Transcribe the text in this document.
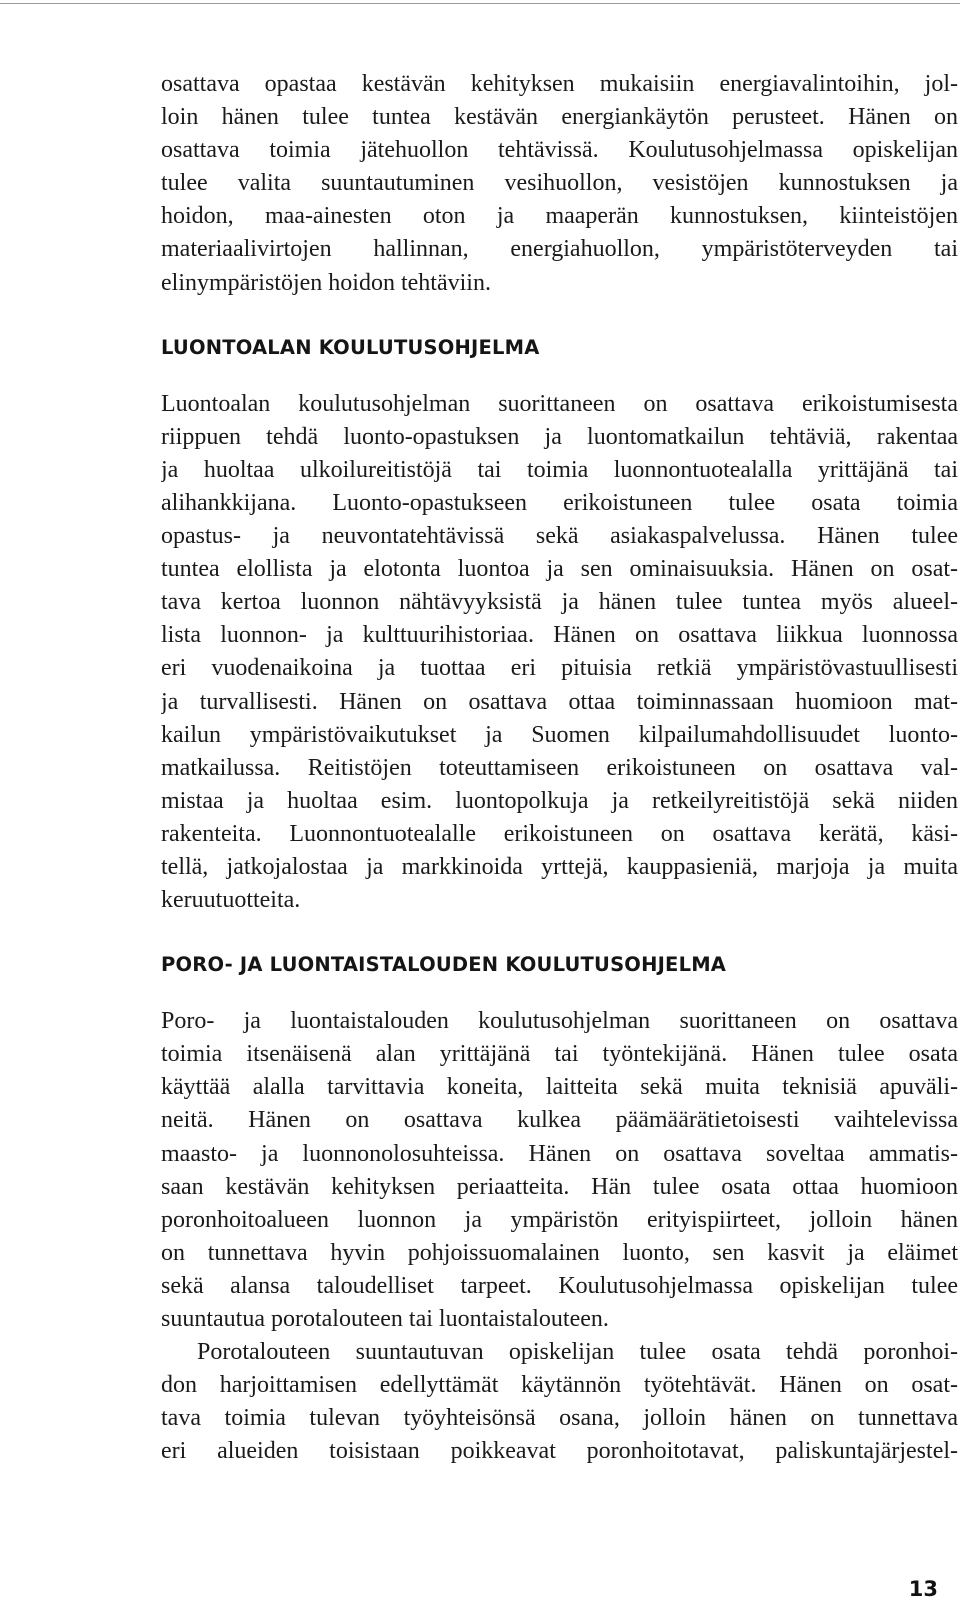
osattava opastaa kestävän kehityksen mukaisiin energiavalintoihin, jol-
loin hänen tulee tuntea kestävän energiankäytön perusteet. Hänen on
osattava toimia jätehuollon tehtävissä. Koulutusohjelmassa opiskelijan
tulee valita suuntautuminen vesihuollon, vesistöjen kunnostuksen ja
hoidon, maa-ainesten oton ja maaperän kunnostuksen, kiinteistöjen
materiaalivirtojen hallinnan, energiahuollon, ympäristöterveyden tai
elinympäristöjen hoidon tehtäviin.
LUONTOALAN KOULUTUSOHJELMA
Luontoalan koulutusohjelman suorittaneen on osattava erikoistumisesta
riippuen tehdä luonto-opastuksen ja luontomatkailun tehtäviä, rakentaa
ja huoltaa ulkoilureitistöjä tai toimia luonnontuotealalla yrittäjänä tai
alihankkijana. Luonto-opastukseen erikoistuneen tulee osata toimia
opastus- ja neuvontatehtävissä sekä asiakaspalvelussa. Hänen tulee
tuntea elollista ja elotonta luontoa ja sen ominaisuuksia. Hänen on osat-
tava kertoa luonnon nähtävyyksistä ja hänen tulee tuntea myös alueel-
lista luonnon- ja kulttuurihistoriaa. Hänen on osattava liikkua luonnossa
eri vuodenaikoina ja tuottaa eri pituisia retkiä ympäristövastuullisesti
ja turvallisesti. Hänen on osattava ottaa toiminnassaan huomioon mat-
kailun ympäristövaikutukset ja Suomen kilpailumahdollisuudet luonto-
matkailussa. Reitistöjen toteuttamiseen erikoistuneen on osattava val-
mistaa ja huoltaa esim. luontopolkuja ja retkeilyreitistöjä sekä niiden
rakenteita. Luonnontuotealalle erikoistuneen on osattava kerätä, käsi-
tellä, jatkojalostaa ja markkinoida yrttejä, kauppasieniä, marjoja ja muita
keruutuotteita.
PORO- JA LUONTAISTALOUDEN KOULUTUSOHJELMA
Poro- ja luontaistalouden koulutusohjelman suorittaneen on osattava
toimia itsenäisenä alan yrittäjänä tai työntekijänä. Hänen tulee osata
käyttää alalla tarvittavia koneita, laitteita sekä muita teknisiä apuväli-
neitä. Hänen on osattava kulkea päämäärätietoisesti vaihtelevissa
maasto- ja luonnonolosuhteissa. Hänen on osattava soveltaa ammatis-
saan kestävän kehityksen periaatteita. Hän tulee osata ottaa huomioon
poronhoitoalueen luonnon ja ympäristön erityispiirteet, jolloin hänen
on tunnettava hyvin pohjoissuomalainen luonto, sen kasvit ja eläimet
sekä alansa taloudelliset tarpeet. Koulutusohjelmassa opiskelijan tulee
suuntautua porotalouteen tai luontaistalouteen.
Porotalouteen suuntautuvan opiskelijan tulee osata tehdä poronhoi-
don harjoittamisen edellyttämät käytännön työtehtävät. Hänen on osat-
tava toimia tulevan työyhteisönsä osana, jolloin hänen on tunnettava
eri alueiden toisistaan poikkeavat poronhoitotavat, paliskuntajärjestel-
13
